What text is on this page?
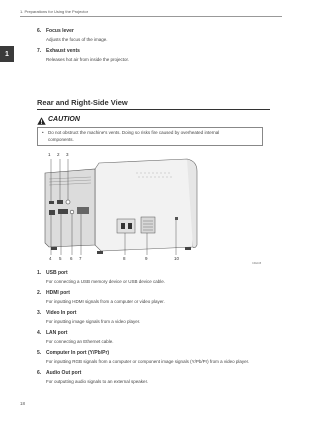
1. Preparations for Using the Projector
1
6. Focus lever
Adjusts the focus of the image.
7. Exhaust vents
Releases hot air from inside the projector.
Rear and Right-Side View
CAUTION
• Do not obstruct the machine's vents. Doing so risks fire caused by overheated internal
components.
1 2 3
4 5 6 7	8	9	10
CZE108
1. USB port
For connecting a USB memory device or USB device cable.
2. HDMI port
For inputting HDMI signals from a computer or video player.
3. Video In port
For inputting image signals from a video player.
4. LAN port
For connecting an Ethernet cable.
5. Computer In port (Y/Pb/Pr)
For inputting RGB signals from a computer or component image signals (Y/Pb/Pr) from a video player.
6. Audio Out port
For outputting audio signals to an external speaker.
18
